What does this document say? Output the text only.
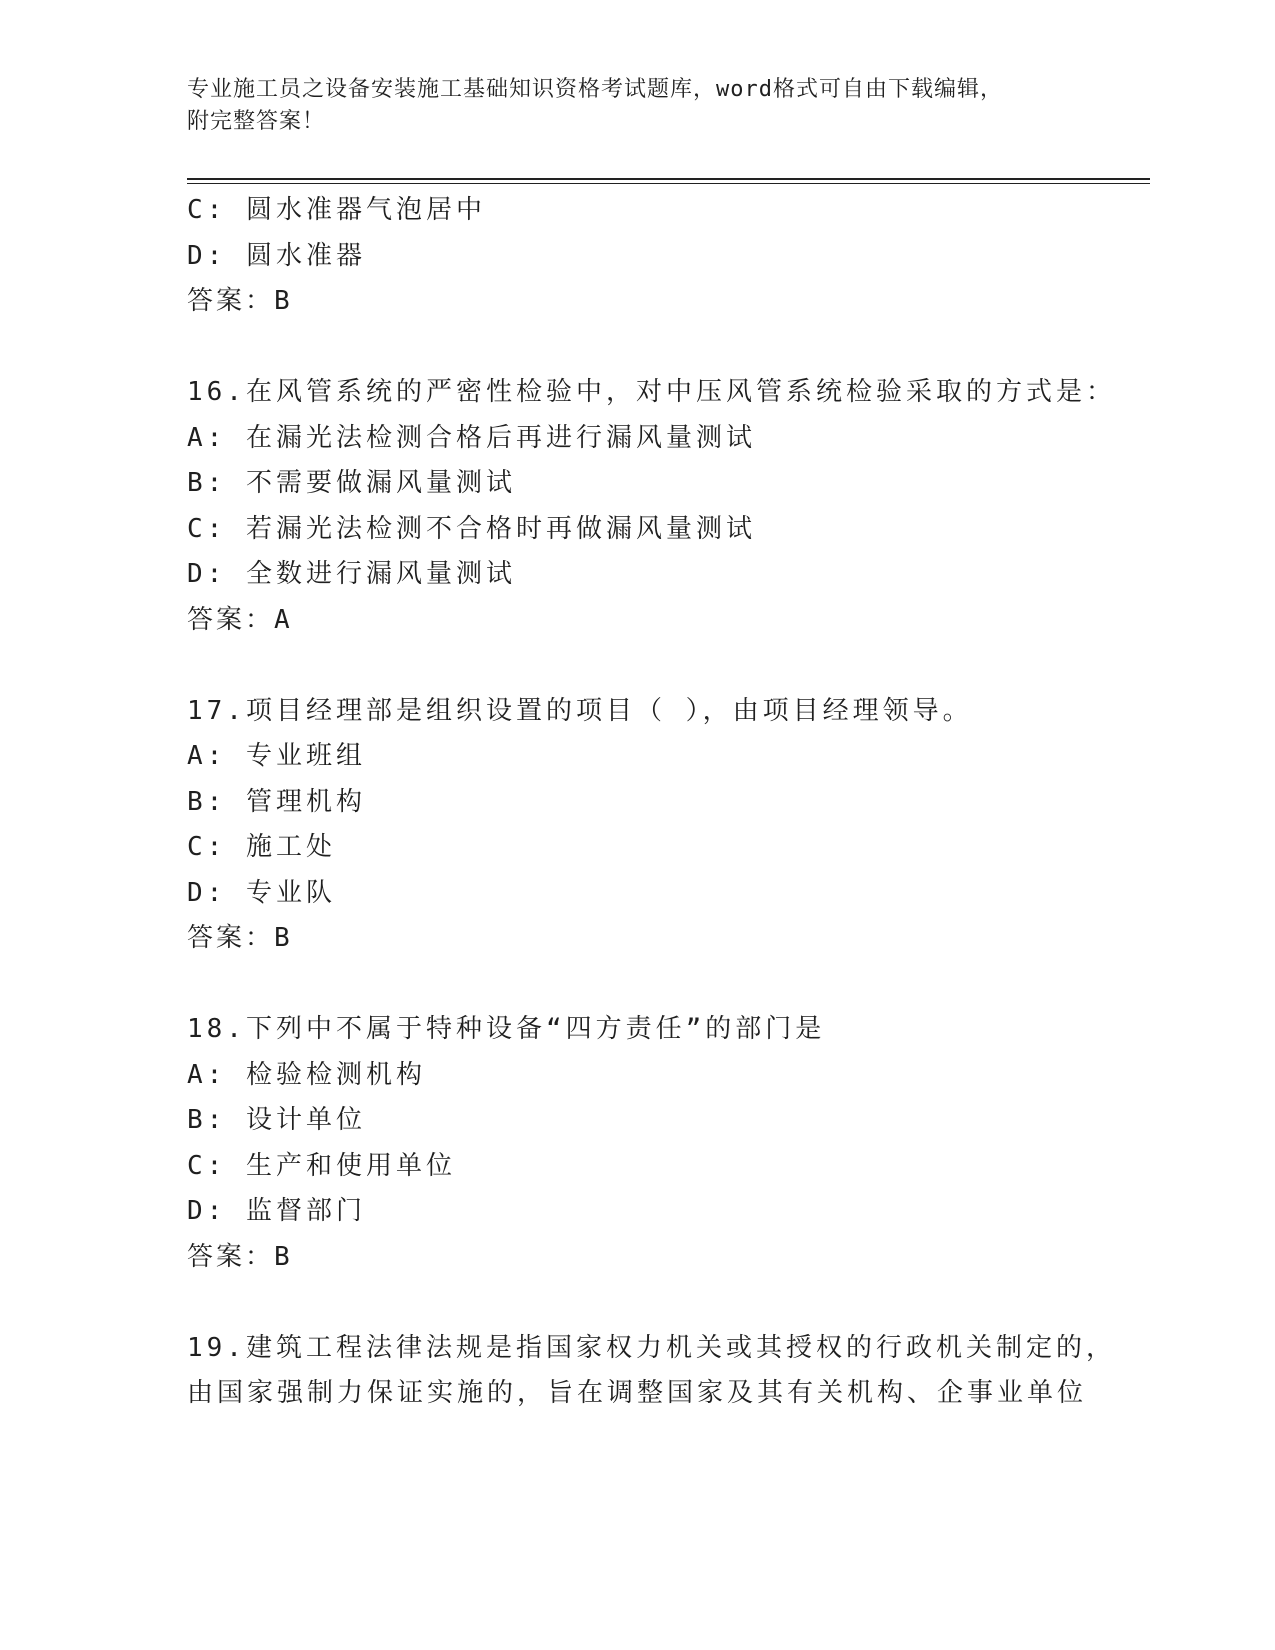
专业施工员之设备安装施工基础知识资格考试题库，word格式可自由下载编辑，
附完整答案！

C: 圆水准器气泡居中

D: 圆水准器

答案：B

16.在风管系统的严密性检验中，对中压风管系统检验采取的方式是：

A: 在漏光法检测合格后再进行漏风量测试

B: 不需要做漏风量测试

C: 若漏光法检测不合格时再做漏风量测试

D: 全数进行漏风量测试

答案：A

17.项目经理部是组织设置的项目（ ），由项目经理领导。

A: 专业班组

B: 管理机构

C: 施工处

D: 专业队

答案：B

18.下列中不属于特种设备“四方责任”的部门是

A: 检验检测机构

B: 设计单位

C: 生产和使用单位

D: 监督部门

答案：B

19.建筑工程法律法规是指国家权力机关或其授权的行政机关制定的，

由国家强制力保证实施的，旨在调整国家及其有关机构、企事业单位
